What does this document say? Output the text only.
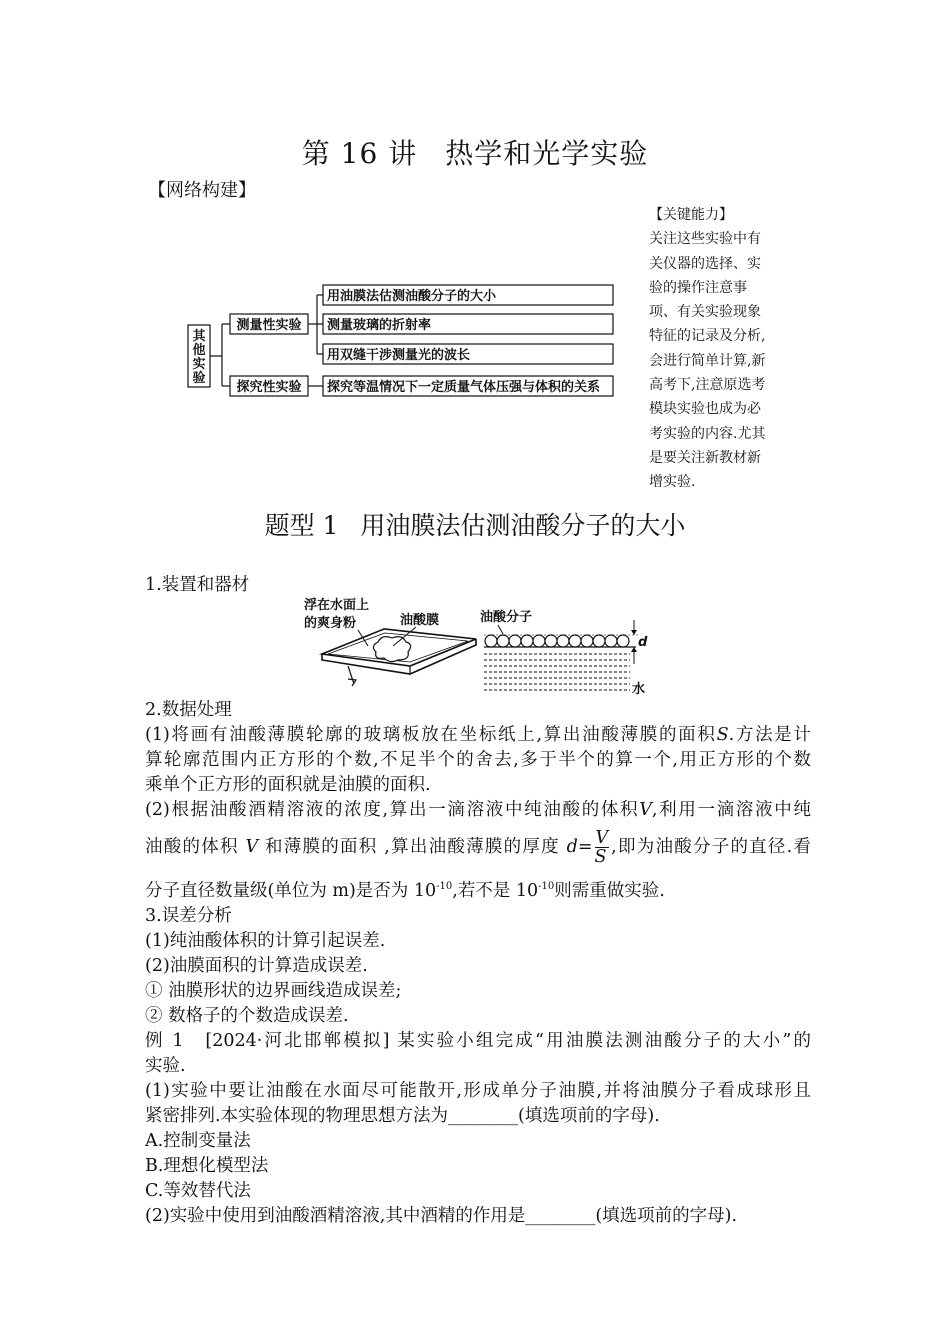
第 16 讲 热学和光学实验
【网络构建】
【关键能力】
关注这些实验中有
关仪器的选择、实
验的操作注意事
项、有关实验现象
特征的记录及分析,
会进行简单计算,新
高考下,注意原选考
模块实验也成为必
考实验的内容.尤其
是要关注新教材新
增实验.
其
他
实
验
测量性实验
用油膜法估测油酸分子的大小
测量玻璃的折射率
用双缝干涉测量光的波长
探究性实验 探究等温情况下一定质量气体压强与体积的关系
题型 1 用油膜法估测油酸分子的大小
1.装置和器材
浮在水面上
的爽身粉	油酸膜	油酸分子
d
水
2.数据处理
(1)将画有油酸薄膜轮廓的玻璃板放在坐标纸上,算出油酸薄膜的面积S.方法是计
算轮廓范围内正方形的个数,不足半个的舍去,多于半个的算一个,用正方形的个数
乘单个正方形的面积就是油膜的面积.
(2)根据油酸酒精溶液的浓度,算出一滴溶液中纯油酸的体积V,利用一滴溶液中纯
油酸的体积 V 和薄膜的面积 ,算出油酸薄膜的厚度 $d= \frac{V}{S}$ ,即为油酸分子的直径.看
分子直径数量级(单位为 m)是否为 $10^{-10}$,若不是 $10^{-10}$则需重做实验.
3.误差分析
(1)纯油酸体积的计算引起误差.
(2)油膜面积的计算造成误差.
① 油膜形状的边界画线造成误差;
② 数格子的个数造成误差.
例 1　[2024·河北邯郸模拟] 某实验小组完成“用油膜法测油酸分子的大小”的
实验.
(1)实验中要让油酸在水面尽可能散开,形成单分子油膜,并将油膜分子看成球形且
紧密排列.本实验体现的物理思想方法为________(填选项前的字母).
A.控制变量法
B.理想化模型法
C.等效替代法
(2)实验中使用到油酸酒精溶液,其中酒精的作用是________(填选项前的字母).
